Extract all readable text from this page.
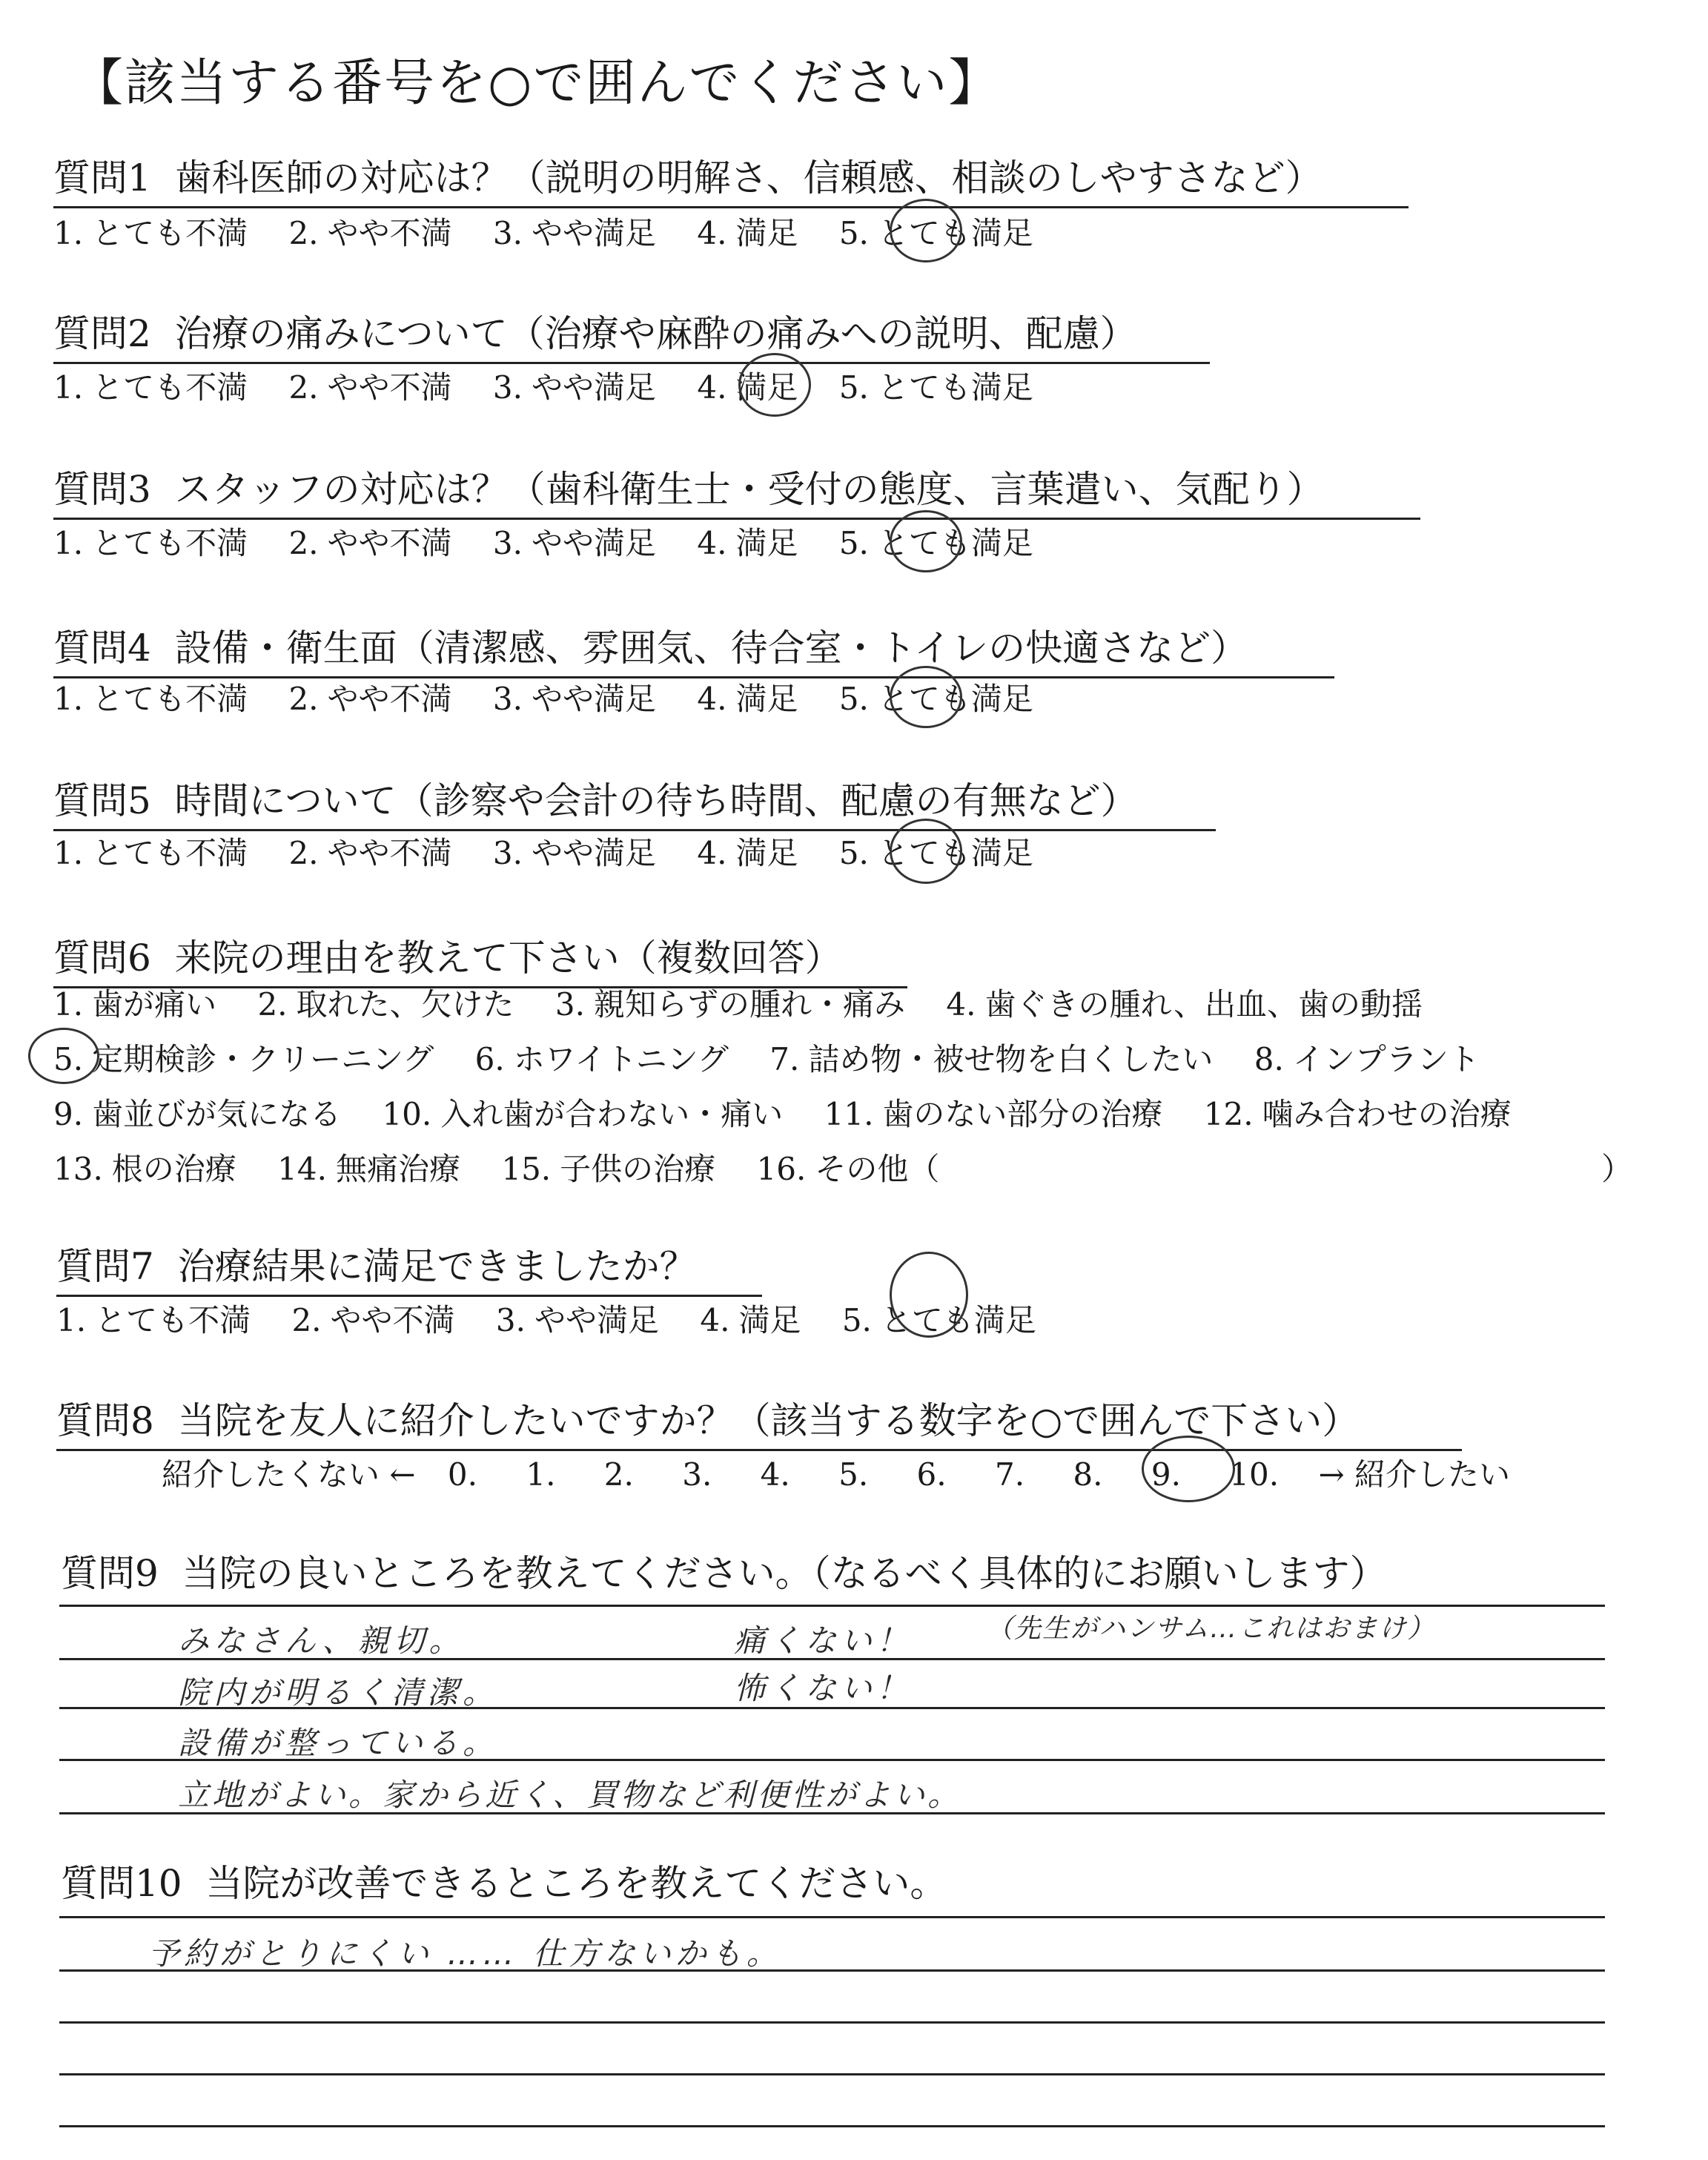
【該当する番号を○で囲んでください】
質問1 歯科医師の対応は？（説明の明解さ、信頼感、相談のしやすさなど）
1. とても不満 2. やや不満 3. やや満足 4. 満足 5. とても満足
質問2 治療の痛みについて（治療や麻酔の痛みへの説明、配慮）
1. とても不満 2. やや不満 3. やや満足 4. 満足 5. とても満足
質問3 スタッフの対応は？（歯科衛生士・受付の態度、言葉遣い、気配り）
1. とても不満 2. やや不満 3. やや満足 4. 満足 5. とても満足
質問4 設備・衛生面（清潔感、雰囲気、待合室・トイレの快適さなど）
1. とても不満 2. やや不満 3. やや満足 4. 満足 5. とても満足
質問5 時間について（診察や会計の待ち時間、配慮の有無など）
1. とても不満 2. やや不満 3. やや満足 4. 満足 5. とても満足
質問6 来院の理由を教えて下さい（複数回答）
1. 歯が痛い 2. 取れた、欠けた 3. 親知らずの腫れ・痛み 4. 歯ぐきの腫れ、出血、歯の動揺
5. 定期検診・クリーニング 6. ホワイトニング 7. 詰め物・被せ物を白くしたい 8. インプラント
9. 歯並びが気になる 10. 入れ歯が合わない・痛い 11. 歯のない部分の治療 12. 噛み合わせの治療
13. 根の治療 14. 無痛治療 15. 子供の治療 16. その他（	）
質問7 治療結果に満足できましたか？
1. とても不満 2. やや不満 3. やや満足 4. 満足 5. とても満足
質問8 当院を友人に紹介したいですか？（該当する数字を○で囲んで下さい）
紹介したくない ← 0. 1. 2. 3. 4. 5. 6. 7. 8. 9. 10. → 紹介したい
質問9 当院の良いところを教えてください。（なるべく具体的にお願いします）
みなさん、親切。	痛くない！	（先生がハンサム…これはおまけ）
院内が明るく清潔。	怖くない！
設備が整っている。
立地がよい。家から近く、買物など利便性がよい。
質問10 当院が改善できるところを教えてください。
予約がとりにくい …… 仕方ないかも。
